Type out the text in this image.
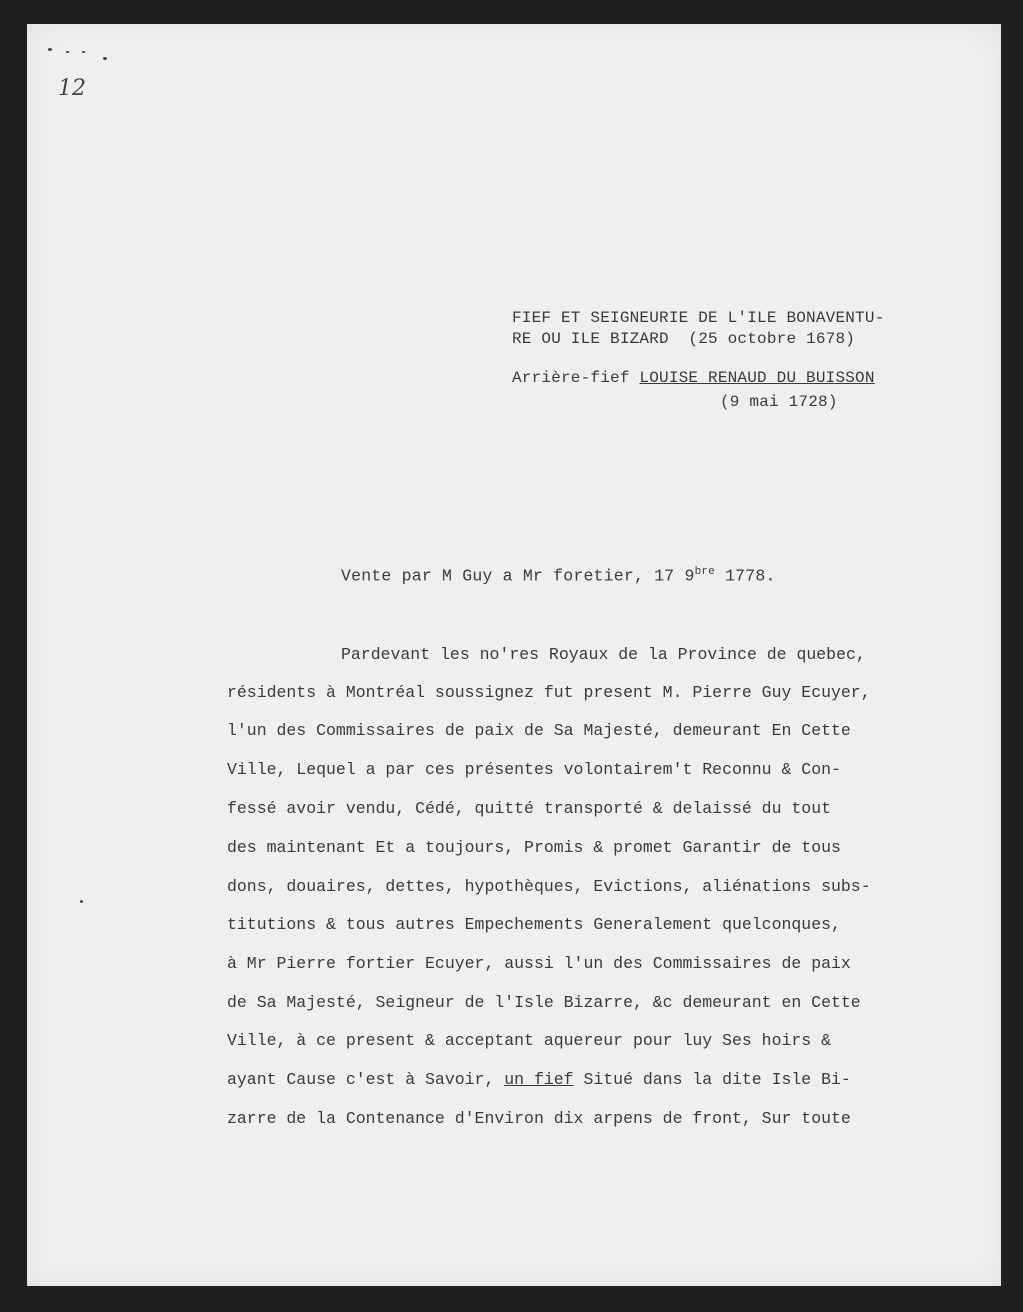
12
FIEF ET SEIGNEURIE DE L'ILE BONAVENTU-
RE OU ILE BIZARD  (25 octobre 1678)
Arrière-fief LOUISE RENAUD DU BUISSON
(9 mai 1728)
Vente par M Guy a Mr foretier, 17 $9^{bre}$ 1778.
Pardevant les no'res Royaux de la Province de quebec,
résidents à Montréal soussignez fut present M. Pierre Guy Ecuyer,
l'un des Commissaires de paix de Sa Majesté, demeurant En Cette
Ville, Lequel a par ces présentes volontairem't Reconnu & Con-
fessé avoir vendu, Cédé, quitté transporté & delaissé du tout
des maintenant Et a toujours, Promis & promet Garantir de tous
dons, douaires, dettes, hypothèques, Evictions, aliénations subs-
titutions & tous autres Empechements Generalement quelconques,
à Mr Pierre fortier Ecuyer, aussi l'un des Commissaires de paix
de Sa Majesté, Seigneur de l'Isle Bizarre, &c demeurant en Cette
Ville, à ce present & acceptant aquereur pour luy Ses hoirs &
ayant Cause c'est à Savoir, un fief Situé dans la dite Isle Bi-
zarre de la Contenance d'Environ dix arpens de front, Sur toute
